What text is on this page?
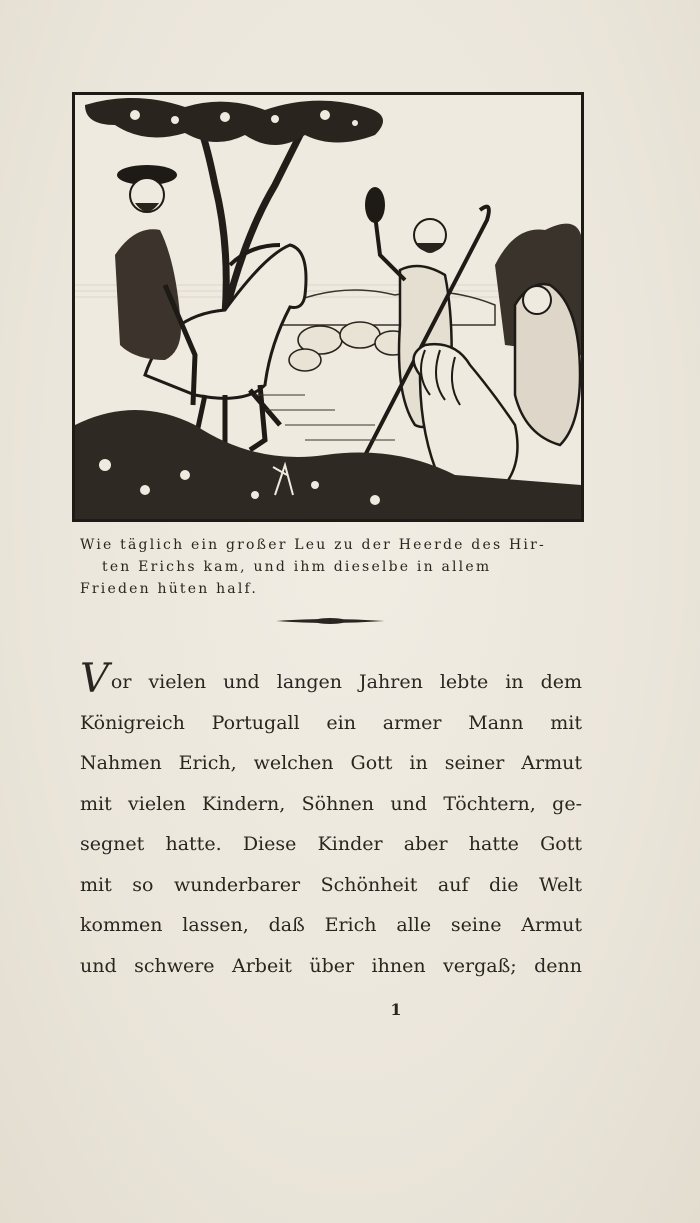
Wie täglich ein großer Leu zu der Heerde des Hir-
ten Erichs kam, und ihm dieselbe in allem
Frieden hüten half.
Vor vielen und langen Jahren lebte in dem
Königreich Portugall ein armer Mann mit
Nahmen Erich, welchen Gott in seiner Armut
mit vielen Kindern, Söhnen und Töchtern, ge-
segnet hatte. Diese Kinder aber hatte Gott
mit so wunderbarer Schönheit auf die Welt
kommen lassen, daß Erich alle seine Armut
und schwere Arbeit über ihnen vergaß; denn
1
